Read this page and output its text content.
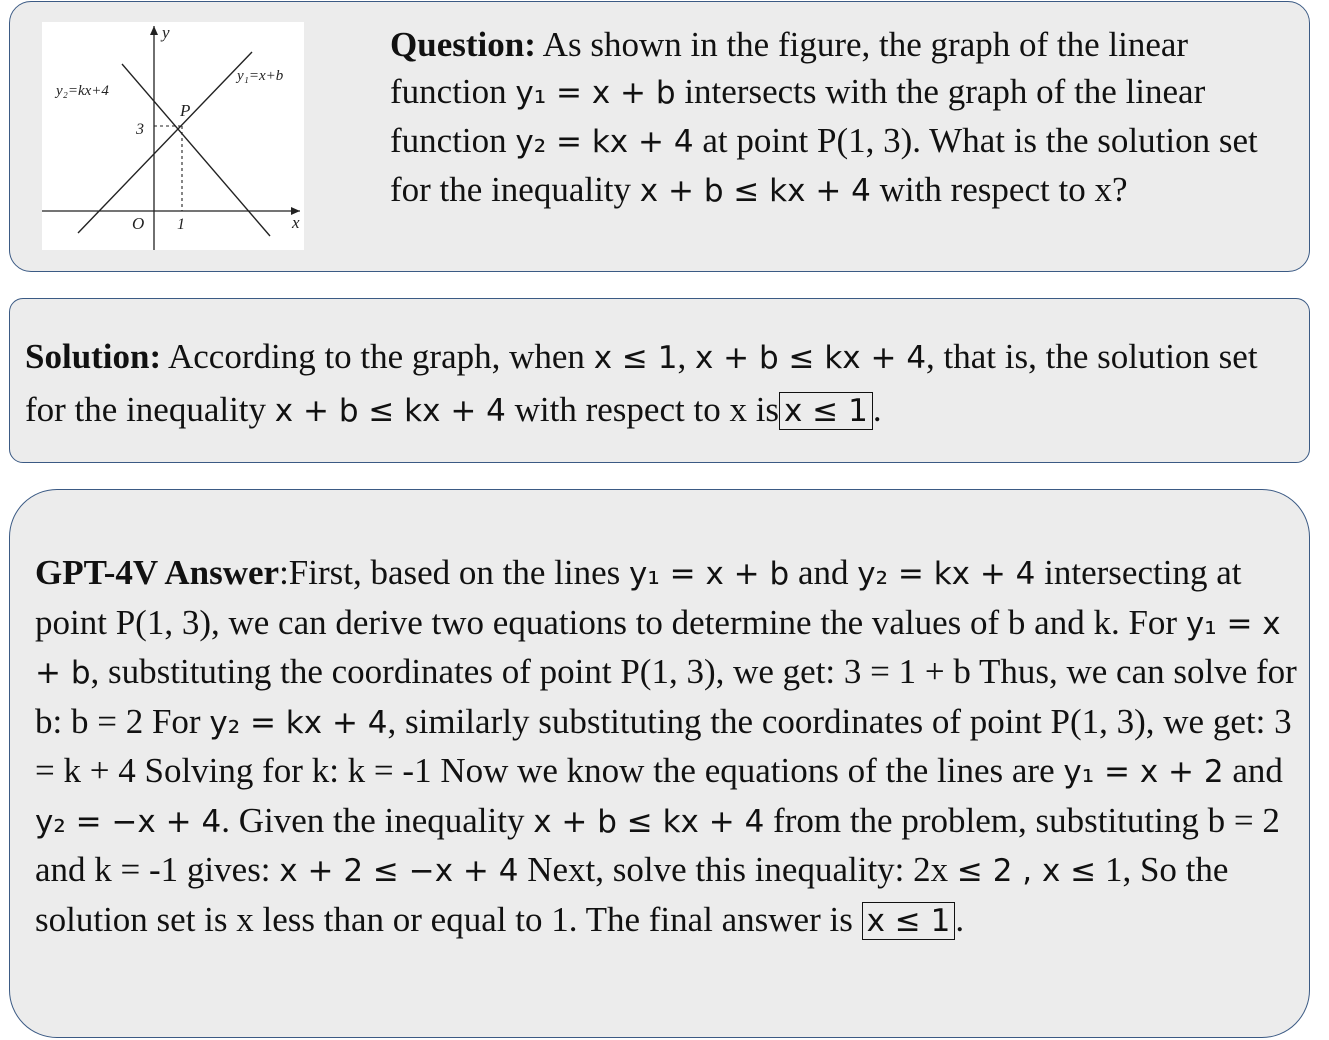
y
x
O 1
3
P
y₁=x+b
y₂=kx+4
Question: As shown in the figure, the graph of the linear function y₁ = x + b intersects with the graph of the linear function y₂ = kx + 4 at point P(1, 3). What is the solution set for the inequality x + b ≤ kx + 4 with respect to x?
Solution: According to the graph, when x ≤ 1, x + b ≤ kx + 4, that is, the solution set for the inequality x + b ≤ kx + 4 with respect to x is x ≤ 1 .
GPT-4V Answer:First, based on the lines y₁ = x + b and y₂ = kx + 4 intersecting at point P(1, 3), we can derive two equations to determine the values of b and k. For y₁ = x + b, substituting the coordinates of point P(1, 3), we get: 3 = 1 + b Thus, we can solve for b: b = 2 For y₂ = kx + 4, similarly substituting the coordinates of point P(1, 3), we get: 3 = k + 4 Solving for k: k = -1 Now we know the equations of the lines are y₁ = x + 2 and y₂ = −x + 4. Given the inequality x + b ≤ kx + 4 from the problem, substituting b = 2 and k = -1 gives: x + 2 ≤ −x + 4 Next, solve this inequality: 2x ≤ 2 , x ≤ 1, So the solution set is x less than or equal to 1. The final answer is x ≤ 1 .
